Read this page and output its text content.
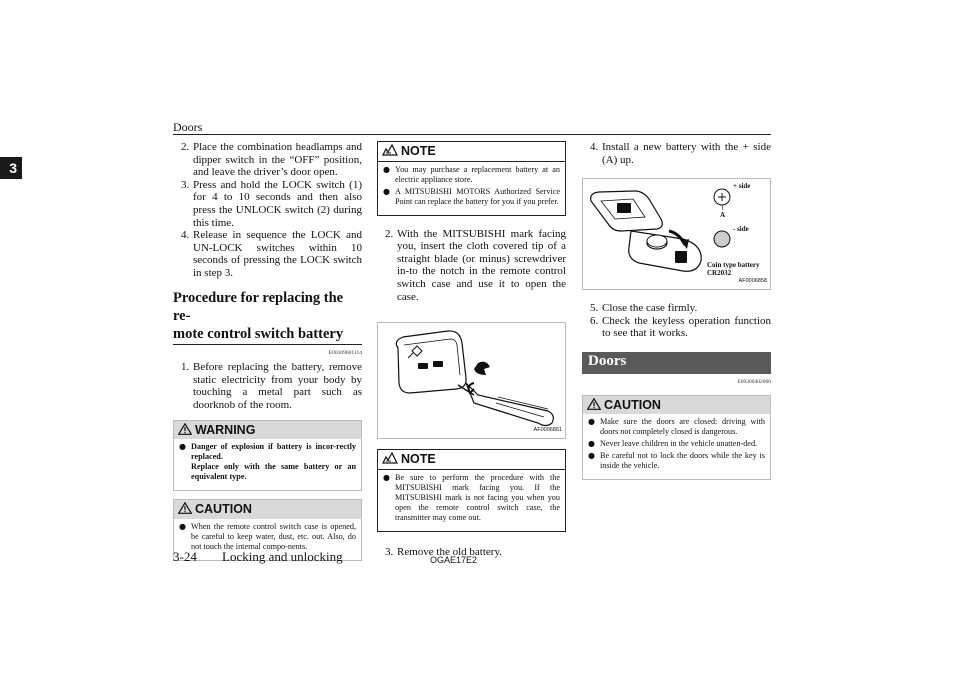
Doors
3
2. Place the combination headlamps and dipper switch in the “OFF” position, and leave the driver’s door open.
3. Press and hold the LOCK switch (1) for 4 to 10 seconds and then also press the UNLOCK switch (2) during this time.
4. Release in sequence the LOCK and UN-LOCK switches within 10 seconds of pressing the LOCK switch in step 3.
Procedure for replacing the re-
mote control switch battery
E00309601114
1. Before replacing the battery, remove static electricity from your body by touching a metal part such as doorknob of the room.
WARNING
● Danger of explosion if battery is incor-rectly replaced.
Replace only with the same battery or an equivalent type.
CAUTION
● When the remote control switch case is opened, be careful to keep water, dust, etc. out. Also, do not touch the internal compo-nents.
NOTE
● You may purchase a replacement battery at an electric appliance store.
● A MITSUBISHI MOTORS Authorized Service Point can replace the battery for you if you prefer.
2. With the MITSUBISHI mark facing you, insert the cloth covered tip of a straight blade (or minus) screwdriver in-to the notch in the remote control switch case and use it to open the case.
AF0006861
NOTE
● Be sure to perform the procedure with the MITSUBISHI mark facing you. If the MITSUBISHI mark is not facing you when you open the remote control switch case, the transmitter may come out.
3. Remove the old battery.
4. Install a new battery with the + side (A) up.
+ side
A
- side
Coin type battery
CR2032
AF0006858
5. Close the case firmly.
6. Check the keyless operation function to see that it works.
Doors
E00300402060
CAUTION
● Make sure the doors are closed: driving with doors not completely closed is dangerous.
● Never leave children in the vehicle unatten-ded.
● Be careful not to lock the doors while the key is inside the vehicle.
3-24 Locking and unlocking	OGAE17E2
